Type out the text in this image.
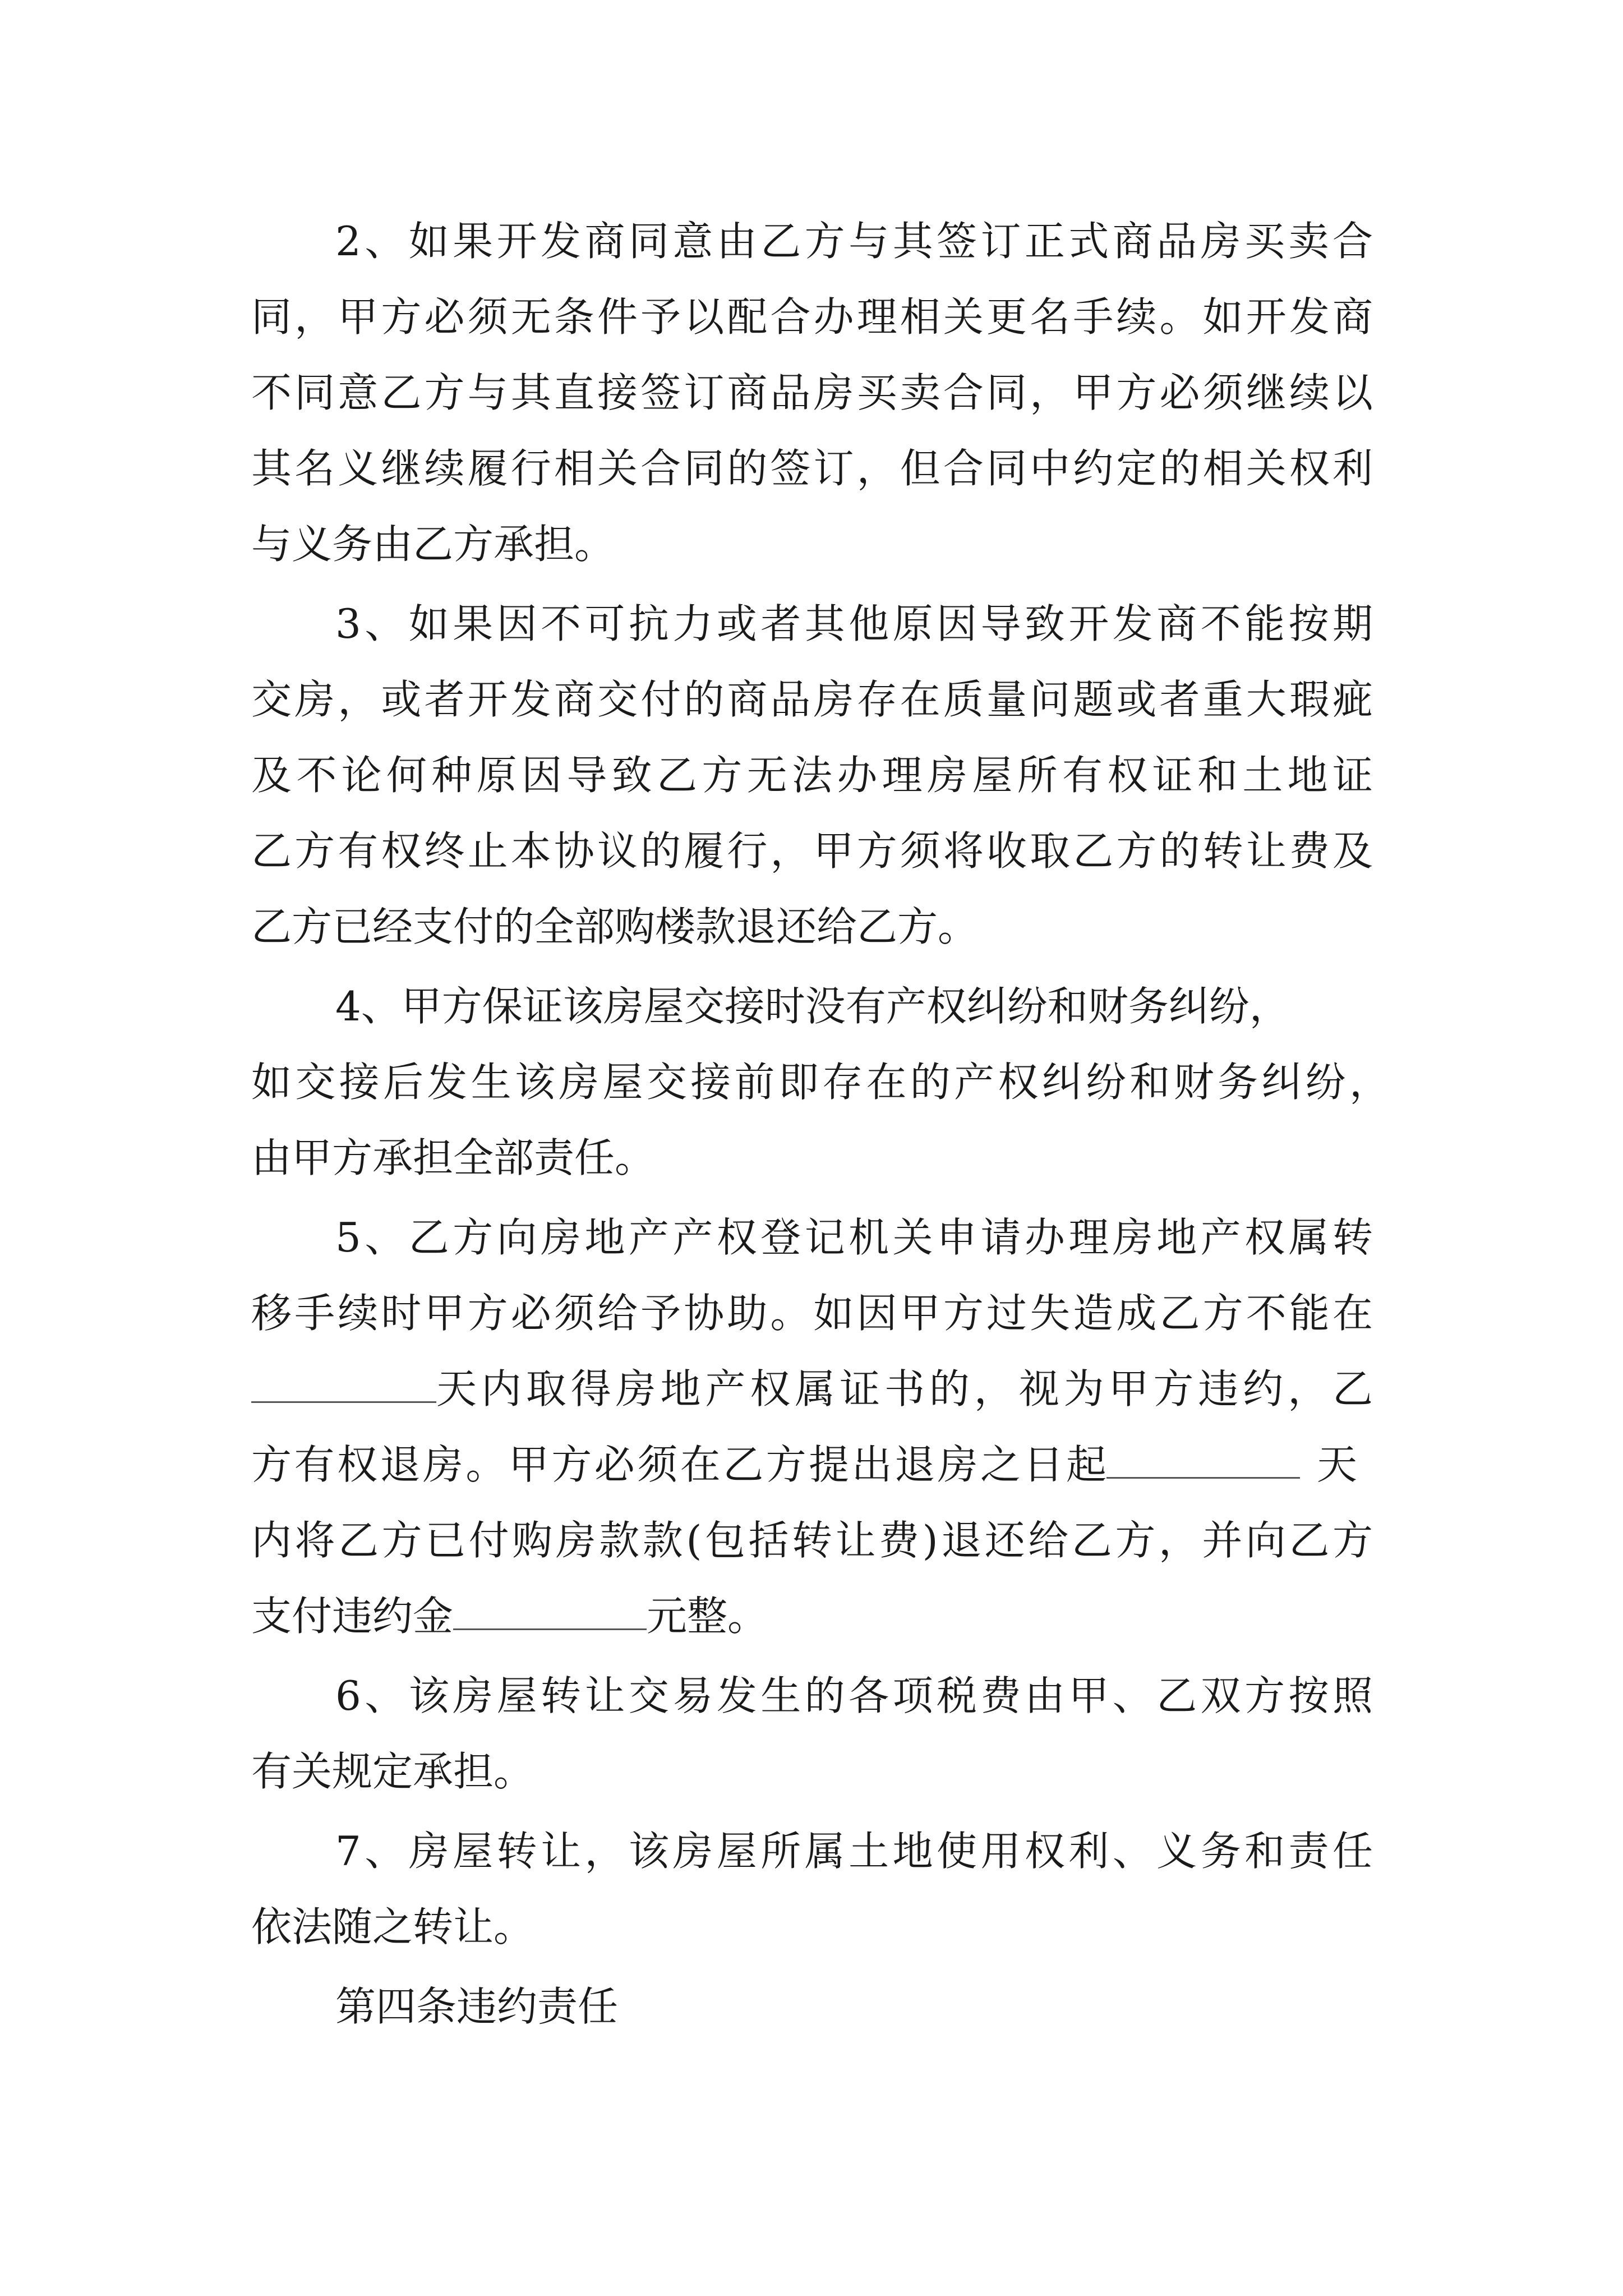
2、如果开发商同意由乙方与其签订正式商品房买卖合
同，甲方必须无条件予以配合办理相关更名手续。如开发商
不同意乙方与其直接签订商品房买卖合同，甲方必须继续以
其名义继续履行相关合同的签订，但合同中约定的相关权利
与义务由乙方承担。
3、如果因不可抗力或者其他原因导致开发商不能按期
交房，或者开发商交付的商品房存在质量问题或者重大瑕疵
及不论何种原因导致乙方无法办理房屋所有权证和土地证
乙方有权终止本协议的履行，甲方须将收取乙方的转让费及
乙方已经支付的全部购楼款退还给乙方。
4、甲方保证该房屋交接时没有产权纠纷和财务纠纷，
如交接后发生该房屋交接前即存在的产权纠纷和财务纠纷，
由甲方承担全部责任。
5、乙方向房地产产权登记机关申请办理房地产权属转
移手续时甲方必须给予协助。如因甲方过失造成乙方不能在
天内取得房地产权属证书的，视为甲方违约，乙
方有权退房。甲方必须在乙方提出退房之日起	天
内将乙方已付购房款款(包括转让费)退还给乙方，并向乙方
支付违约金	元整。
6、该房屋转让交易发生的各项税费由甲、乙双方按照
有关规定承担。
7、房屋转让，该房屋所属土地使用权利、义务和责任
依法随之转让。
第四条违约责任
